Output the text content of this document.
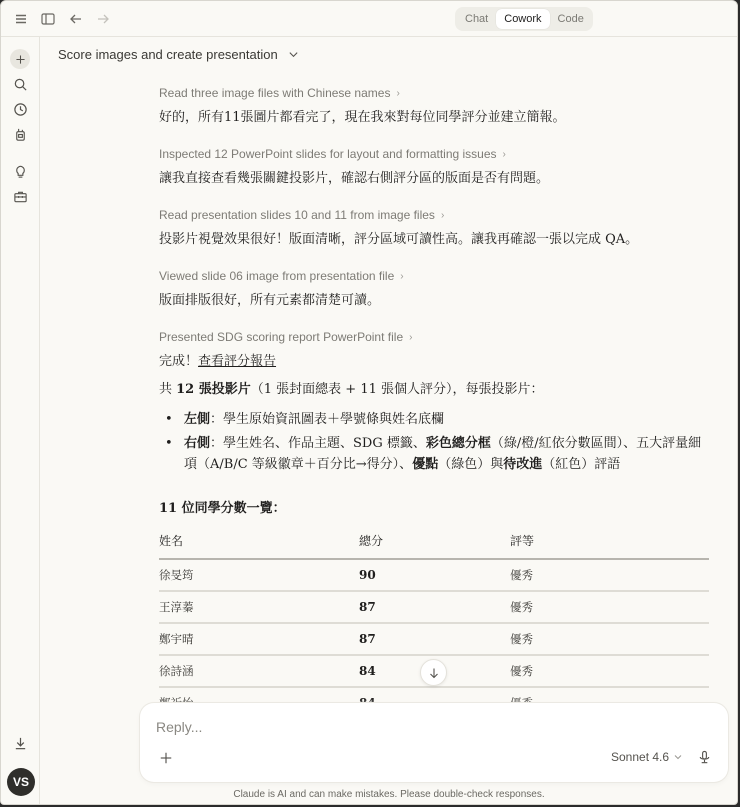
Chat	Cowork	Code
VS
Score images and create presentation
Read three image files with Chinese names ›
好的，所有11張圖片都看完了，現在我來對每位同學評分並建立簡報。
Inspected 12 PowerPoint slides for layout and formatting issues ›
讓我直接查看幾張關鍵投影片，確認右側評分區的版面是否有問題。
Read presentation slides 10 and 11 from image files ›
投影片視覺效果很好！版面清晰，評分區域可讀性高。讓我再確認一張以完成 QA。
Viewed slide 06 image from presentation file ›
版面排版很好，所有元素都清楚可讀。
Presented SDG scoring report PowerPoint file ›
完成！查看評分報告
共 12 張投影片（1 張封面總表 + 11 張個人評分），每張投影片：
• 左側：學生原始資訊圖表＋學號條與姓名底欄
• 右側：學生姓名、作品主題、SDG 標籤、彩色總分框（綠/橙/紅依分數區間）、五大評量細項（A/B/C 等級徽章＋百分比→得分）、優點（綠色）與待改進（紅色）評語
11 位同學分數一覽：
姓名	總分	評等
徐旻筠	90	優秀
王淳蓁	87	優秀
鄭宇晴	87	優秀
徐詩涵	84	優秀

Reply...
Sonnet 4.6
Claude is AI and can make mistakes. Please double-check responses.
